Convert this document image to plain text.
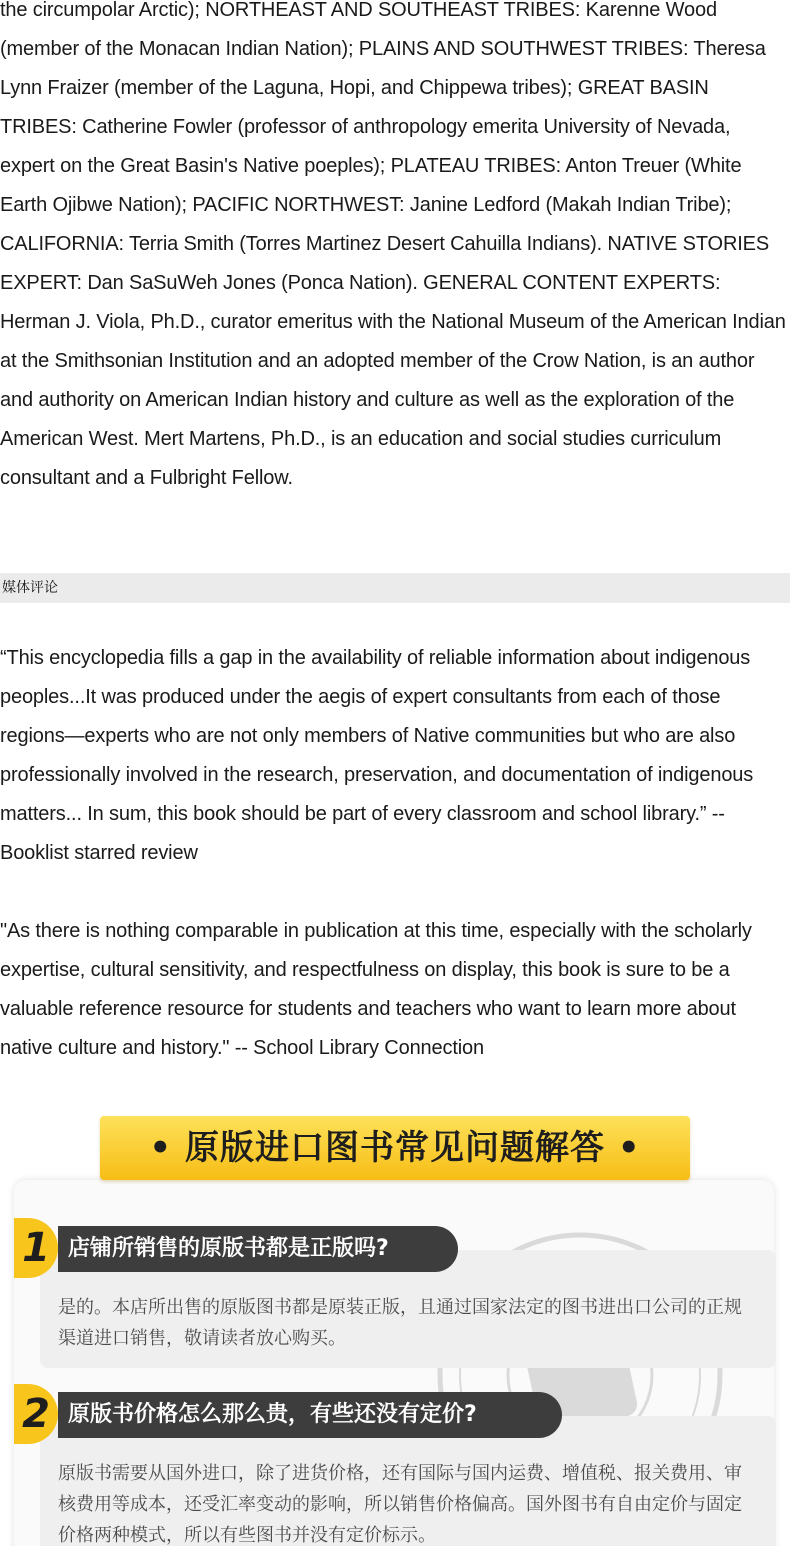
the circumpolar Arctic); NORTHEAST AND SOUTHEAST TRIBES: Karenne Wood (member of the Monacan Indian Nation); PLAINS AND SOUTHWEST TRIBES: Theresa Lynn Fraizer (member of the Laguna, Hopi, and Chippewa tribes); GREAT BASIN TRIBES: Catherine Fowler (professor of anthropology emerita University of Nevada, expert on the Great Basin's Native poeples); PLATEAU TRIBES: Anton Treuer (White Earth Ojibwe Nation); PACIFIC NORTHWEST: Janine Ledford (Makah Indian Tribe); CALIFORNIA: Terria Smith (Torres Martinez Desert Cahuilla Indians). NATIVE STORIES EXPERT: Dan SaSuWeh Jones (Ponca Nation). GENERAL CONTENT EXPERTS: Herman J. Viola, Ph.D., curator emeritus with the National Museum of the American Indian at the Smithsonian Institution and an adopted member of the Crow Nation, is an author and authority on American Indian history and culture as well as the exploration of the American West. Mert Martens, Ph.D., is an education and social studies curriculum consultant and a Fulbright Fellow.

媒体评论

“This encyclopedia fills a gap in the availability of reliable information about indigenous peoples...It was produced under the aegis of expert consultants from each of those regions—experts who are not only members of Native communities but who are also professionally involved in the research, preservation, and documentation of indigenous matters... In sum, this book should be part of every classroom and school library.” -- Booklist starred review

"As there is nothing comparable in publication at this time, especially with the scholarly expertise, cultural sensitivity, and respectfulness on display, this book is sure to be a valuable reference resource for students and teachers who want to learn more about native culture and history." -- School Library Connection

• 原版进口图书常见问题解答 •
1 店铺所销售的原版书都是正版吗?

是的。本店所出售的原版图书都是原装正版，且通过国家法定的图书进出口公司的正规渠道进口销售，敬请读者放心购买。

2 原版书价格怎么那么贵，有些还没有定价?

原版书需要从国外进口，除了进货价格，还有国际与国内运费、增值税、报关费用、审核费用等成本，还受汇率变动的影响，所以销售价格偏高。国外图书有自由定价与固定价格两种模式，所以有些图书并没有定价标示。
